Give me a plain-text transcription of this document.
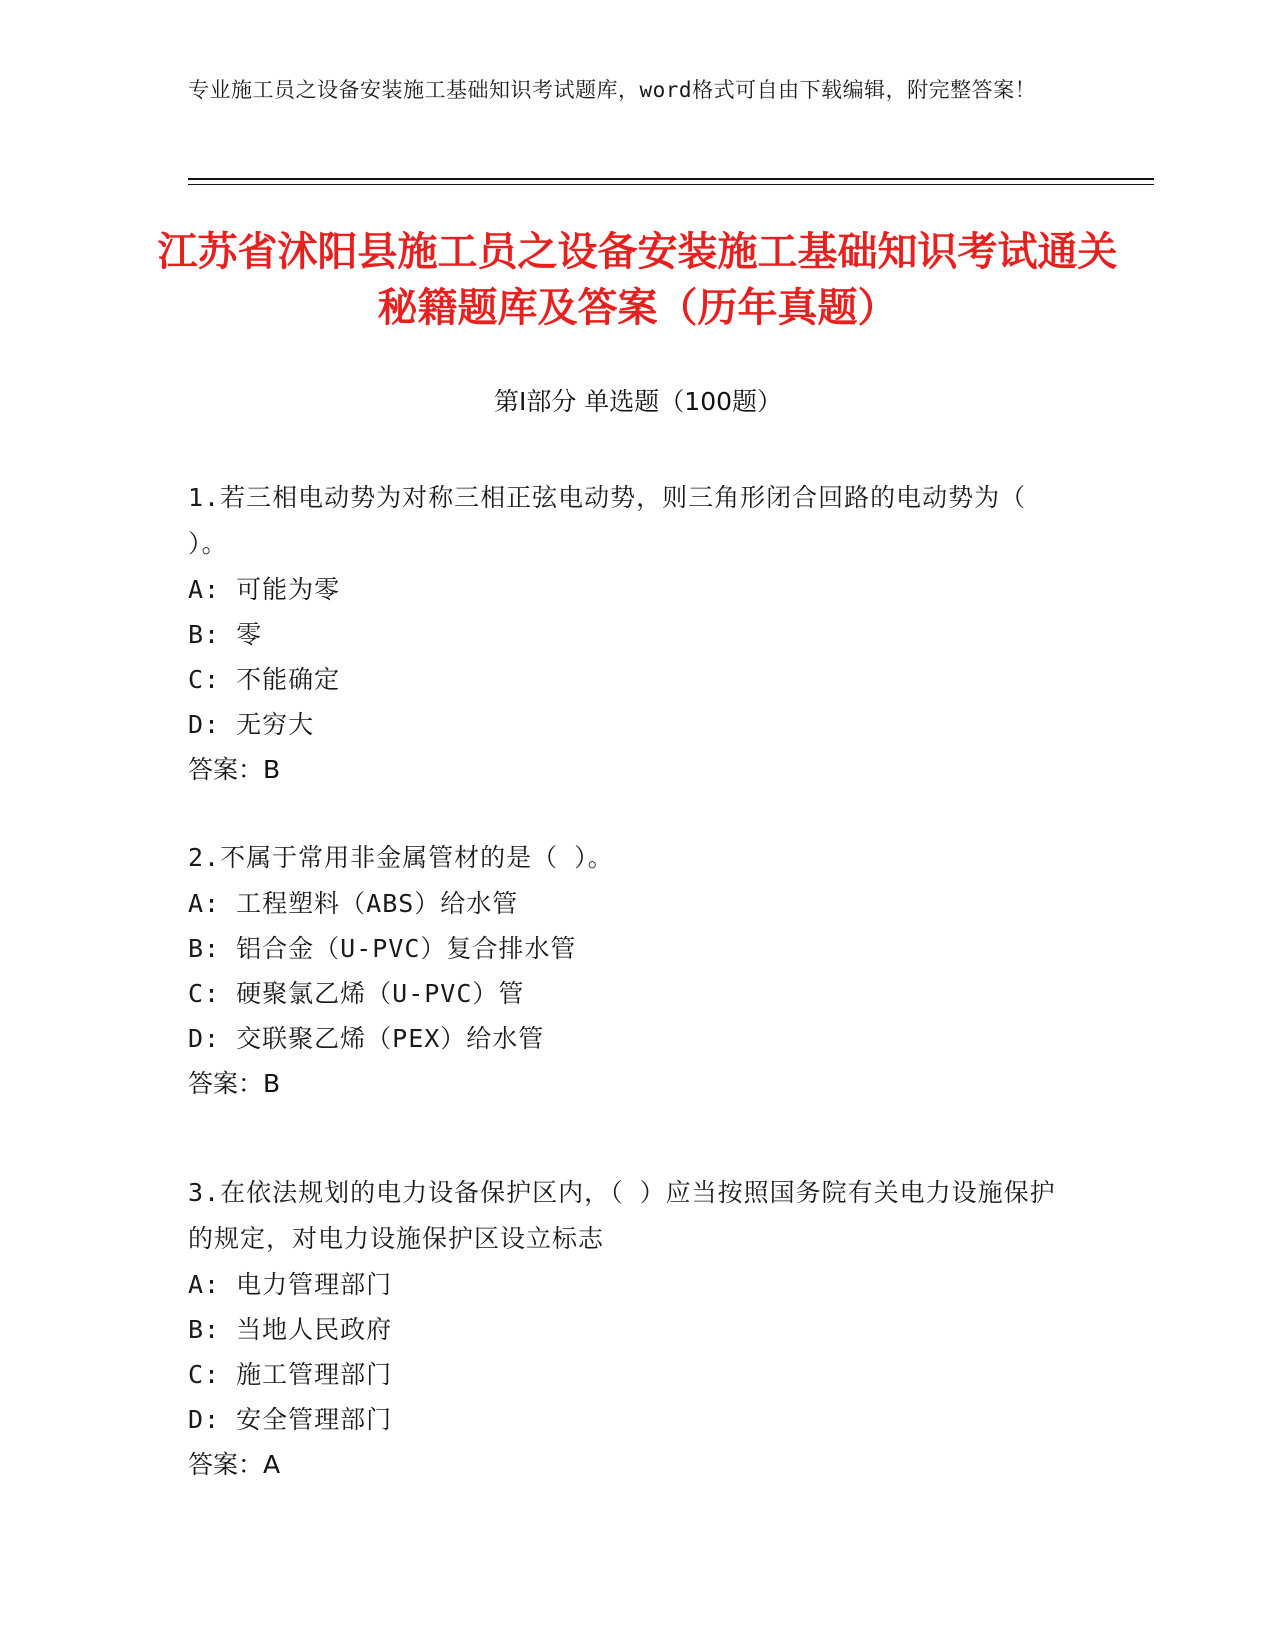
专业施工员之设备安装施工基础知识考试题库，word格式可自由下载编辑，附完整答案！
江苏省沭阳县施工员之设备安装施工基础知识考试通关秘籍题库及答案（历年真题）
第Ⅰ部分 单选题（100题）

1.若三相电动势为对称三相正弦电动势，则三角形闭合回路的电动势为（ ）。

A: 可能为零

B: 零

C: 不能确定

D: 无穷大

答案：B

2.不属于常用非金属管材的是（ ）。

A: 工程塑料（ABS）给水管

B: 铝合金（U-PVC）复合排水管

C: 硬聚氯乙烯（U-PVC）管

D: 交联聚乙烯（PEX）给水管

答案：B

3.在依法规划的电力设备保护区内，（ ）应当按照国务院有关电力设施保护的规定，对电力设施保护区设立标志

A: 电力管理部门

B: 当地人民政府

C: 施工管理部门

D: 安全管理部门

答案：A
